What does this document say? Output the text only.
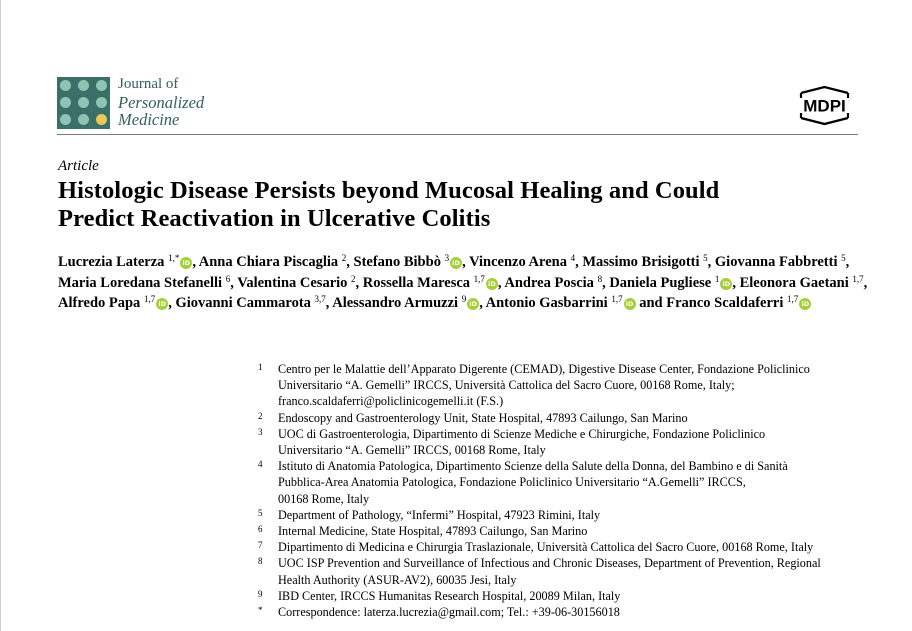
Journal of
Personalized
Medicine
MDPI
Article
Histologic Disease Persists beyond Mucosal Healing and Could
Predict Reactivation in Ulcerative Colitis
Lucrezia Laterza $^{1,*}$ iD , Anna Chiara Piscaglia $^2$, Stefano Bibbò $^3$ iD , Vincenzo Arena $^4$, Massimo Brisigotti $^5$, Giovanna Fabbretti $^5$, Maria Loredana Stefanelli $^6$, Valentina Cesario $^2$, Rossella Maresca $^{1,7}$ iD , Andrea Poscia $^8$, Daniela Pugliese $^1$ iD , Eleonora Gaetani $^{1,7}$, Alfredo Papa $^{1,7}$ iD , Giovanni Cammarota $^{3,7}$, Alessandro Armuzzi $^9$ iD , Antonio Gasbarrini $^{1,7}$ iD and Franco Scaldaferri $^{1,7}$ iD
1 Centro per le Malattie dell’Apparato Digerente (CEMAD), Digestive Disease Center, Fondazione Policlinico
Universitario “A. Gemelli” IRCCS, Università Cattolica del Sacro Cuore, 00168 Rome, Italy;
franco.scaldaferri@policlinicogemelli.it (F.S.)
2 Endoscopy and Gastroenterology Unit, State Hospital, 47893 Cailungo, San Marino
3 UOC di Gastroenterologia, Dipartimento di Scienze Mediche e Chirurgiche, Fondazione Policlinico
Universitario “A. Gemelli” IRCCS, 00168 Rome, Italy
4 Istituto di Anatomia Patologica, Dipartimento Scienze della Salute della Donna, del Bambino e di Sanità
Pubblica-Area Anatomia Patologica, Fondazione Policlinico Universitario “A.Gemelli” IRCCS,
00168 Rome, Italy
5 Department of Pathology, “Infermi” Hospital, 47923 Rimini, Italy
6 Internal Medicine, State Hospital, 47893 Cailungo, San Marino
7 Dipartimento di Medicina e Chirurgia Traslazionale, Università Cattolica del Sacro Cuore, 00168 Rome, Italy
8 UOC ISP Prevention and Surveillance of Infectious and Chronic Diseases, Department of Prevention, Regional
Health Authority (ASUR-AV2), 60035 Jesi, Italy
9 IBD Center, IRCCS Humanitas Research Hospital, 20089 Milan, Italy
* Correspondence: laterza.lucrezia@gmail.com; Tel.: +39-06-30156018
